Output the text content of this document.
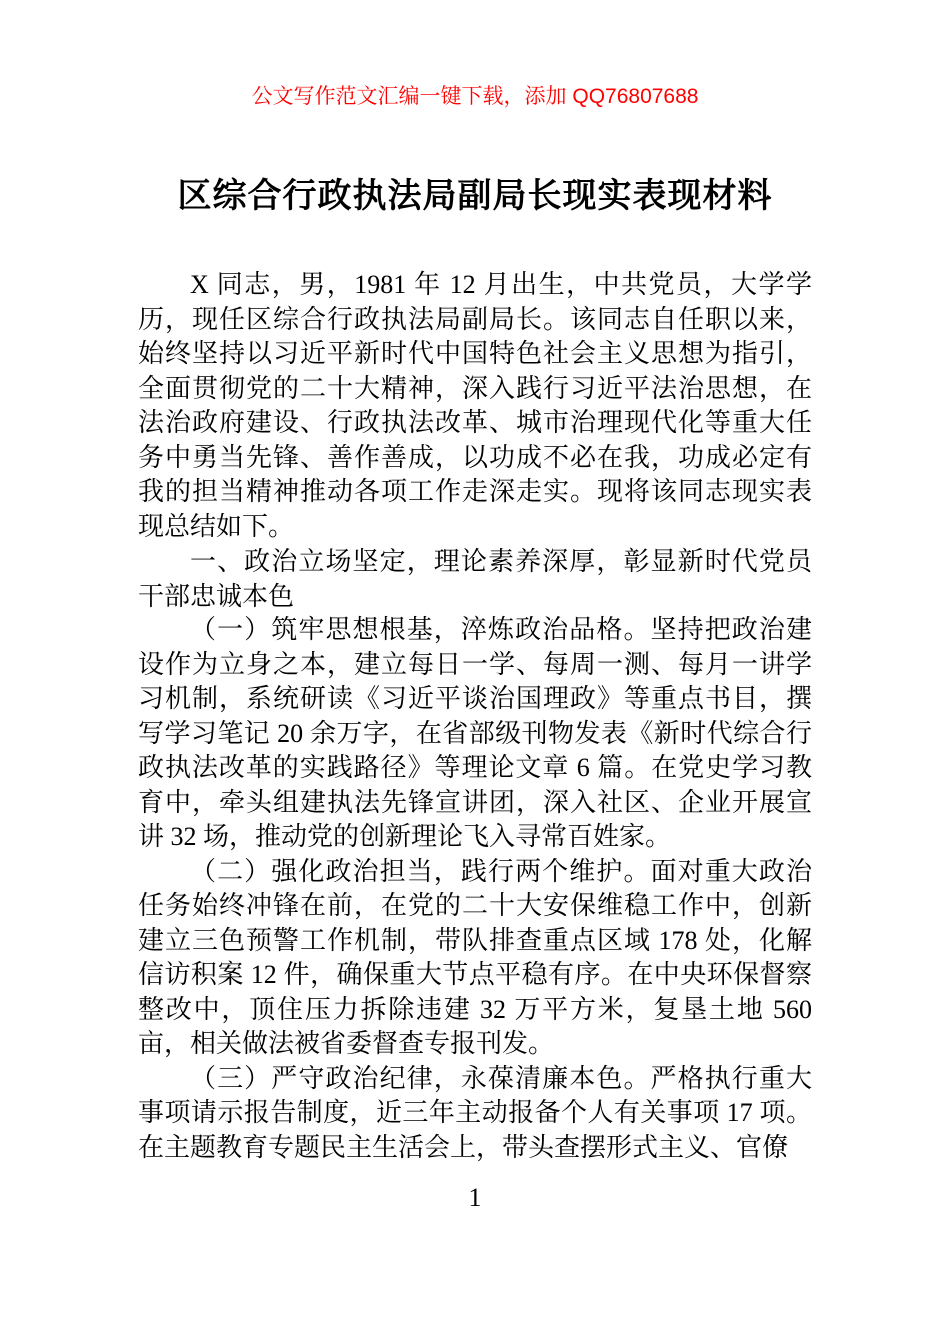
公文写作范文汇编一键下载，添加 QQ76807688
区综合行政执法局副局长现实表现材料

X 同志，男，1981 年 12 月出生，中共党员，大学学历，现任区综合行政执法局副局长。该同志自任职以来，始终坚持以习近平新时代中国特色社会主义思想为指引，全面贯彻党的二十大精神，深入践行习近平法治思想，在法治政府建设、行政执法改革、城市治理现代化等重大任务中勇当先锋、善作善成，以功成不必在我，功成必定有我的担当精神推动各项工作走深走实。现将该同志现实表现总结如下。

一、政治立场坚定，理论素养深厚，彰显新时代党员干部忠诚本色

（一）筑牢思想根基，淬炼政治品格。坚持把政治建设作为立身之本，建立每日一学、每周一测、每月一讲学习机制，系统研读《习近平谈治国理政》等重点书目，撰写学习笔记 20 余万字，在省部级刊物发表《新时代综合行政执法改革的实践路径》等理论文章 6 篇。在党史学习教育中，牵头组建执法先锋宣讲团，深入社区、企业开展宣讲 32 场，推动党的创新理论飞入寻常百姓家。

（二）强化政治担当，践行两个维护。面对重大政治任务始终冲锋在前，在党的二十大安保维稳工作中，创新建立三色预警工作机制，带队排查重点区域 178 处，化解信访积案 12 件，确保重大节点平稳有序。在中央环保督察整改中，顶住压力拆除违建 32 万平方米，复垦土地 560 亩，相关做法被省委督查专报刊发。

（三）严守政治纪律，永葆清廉本色。严格执行重大事项请示报告制度，近三年主动报备个人有关事项 17 项。在主题教育专题民主生活会上，带头查摆形式主义、官僚

1
